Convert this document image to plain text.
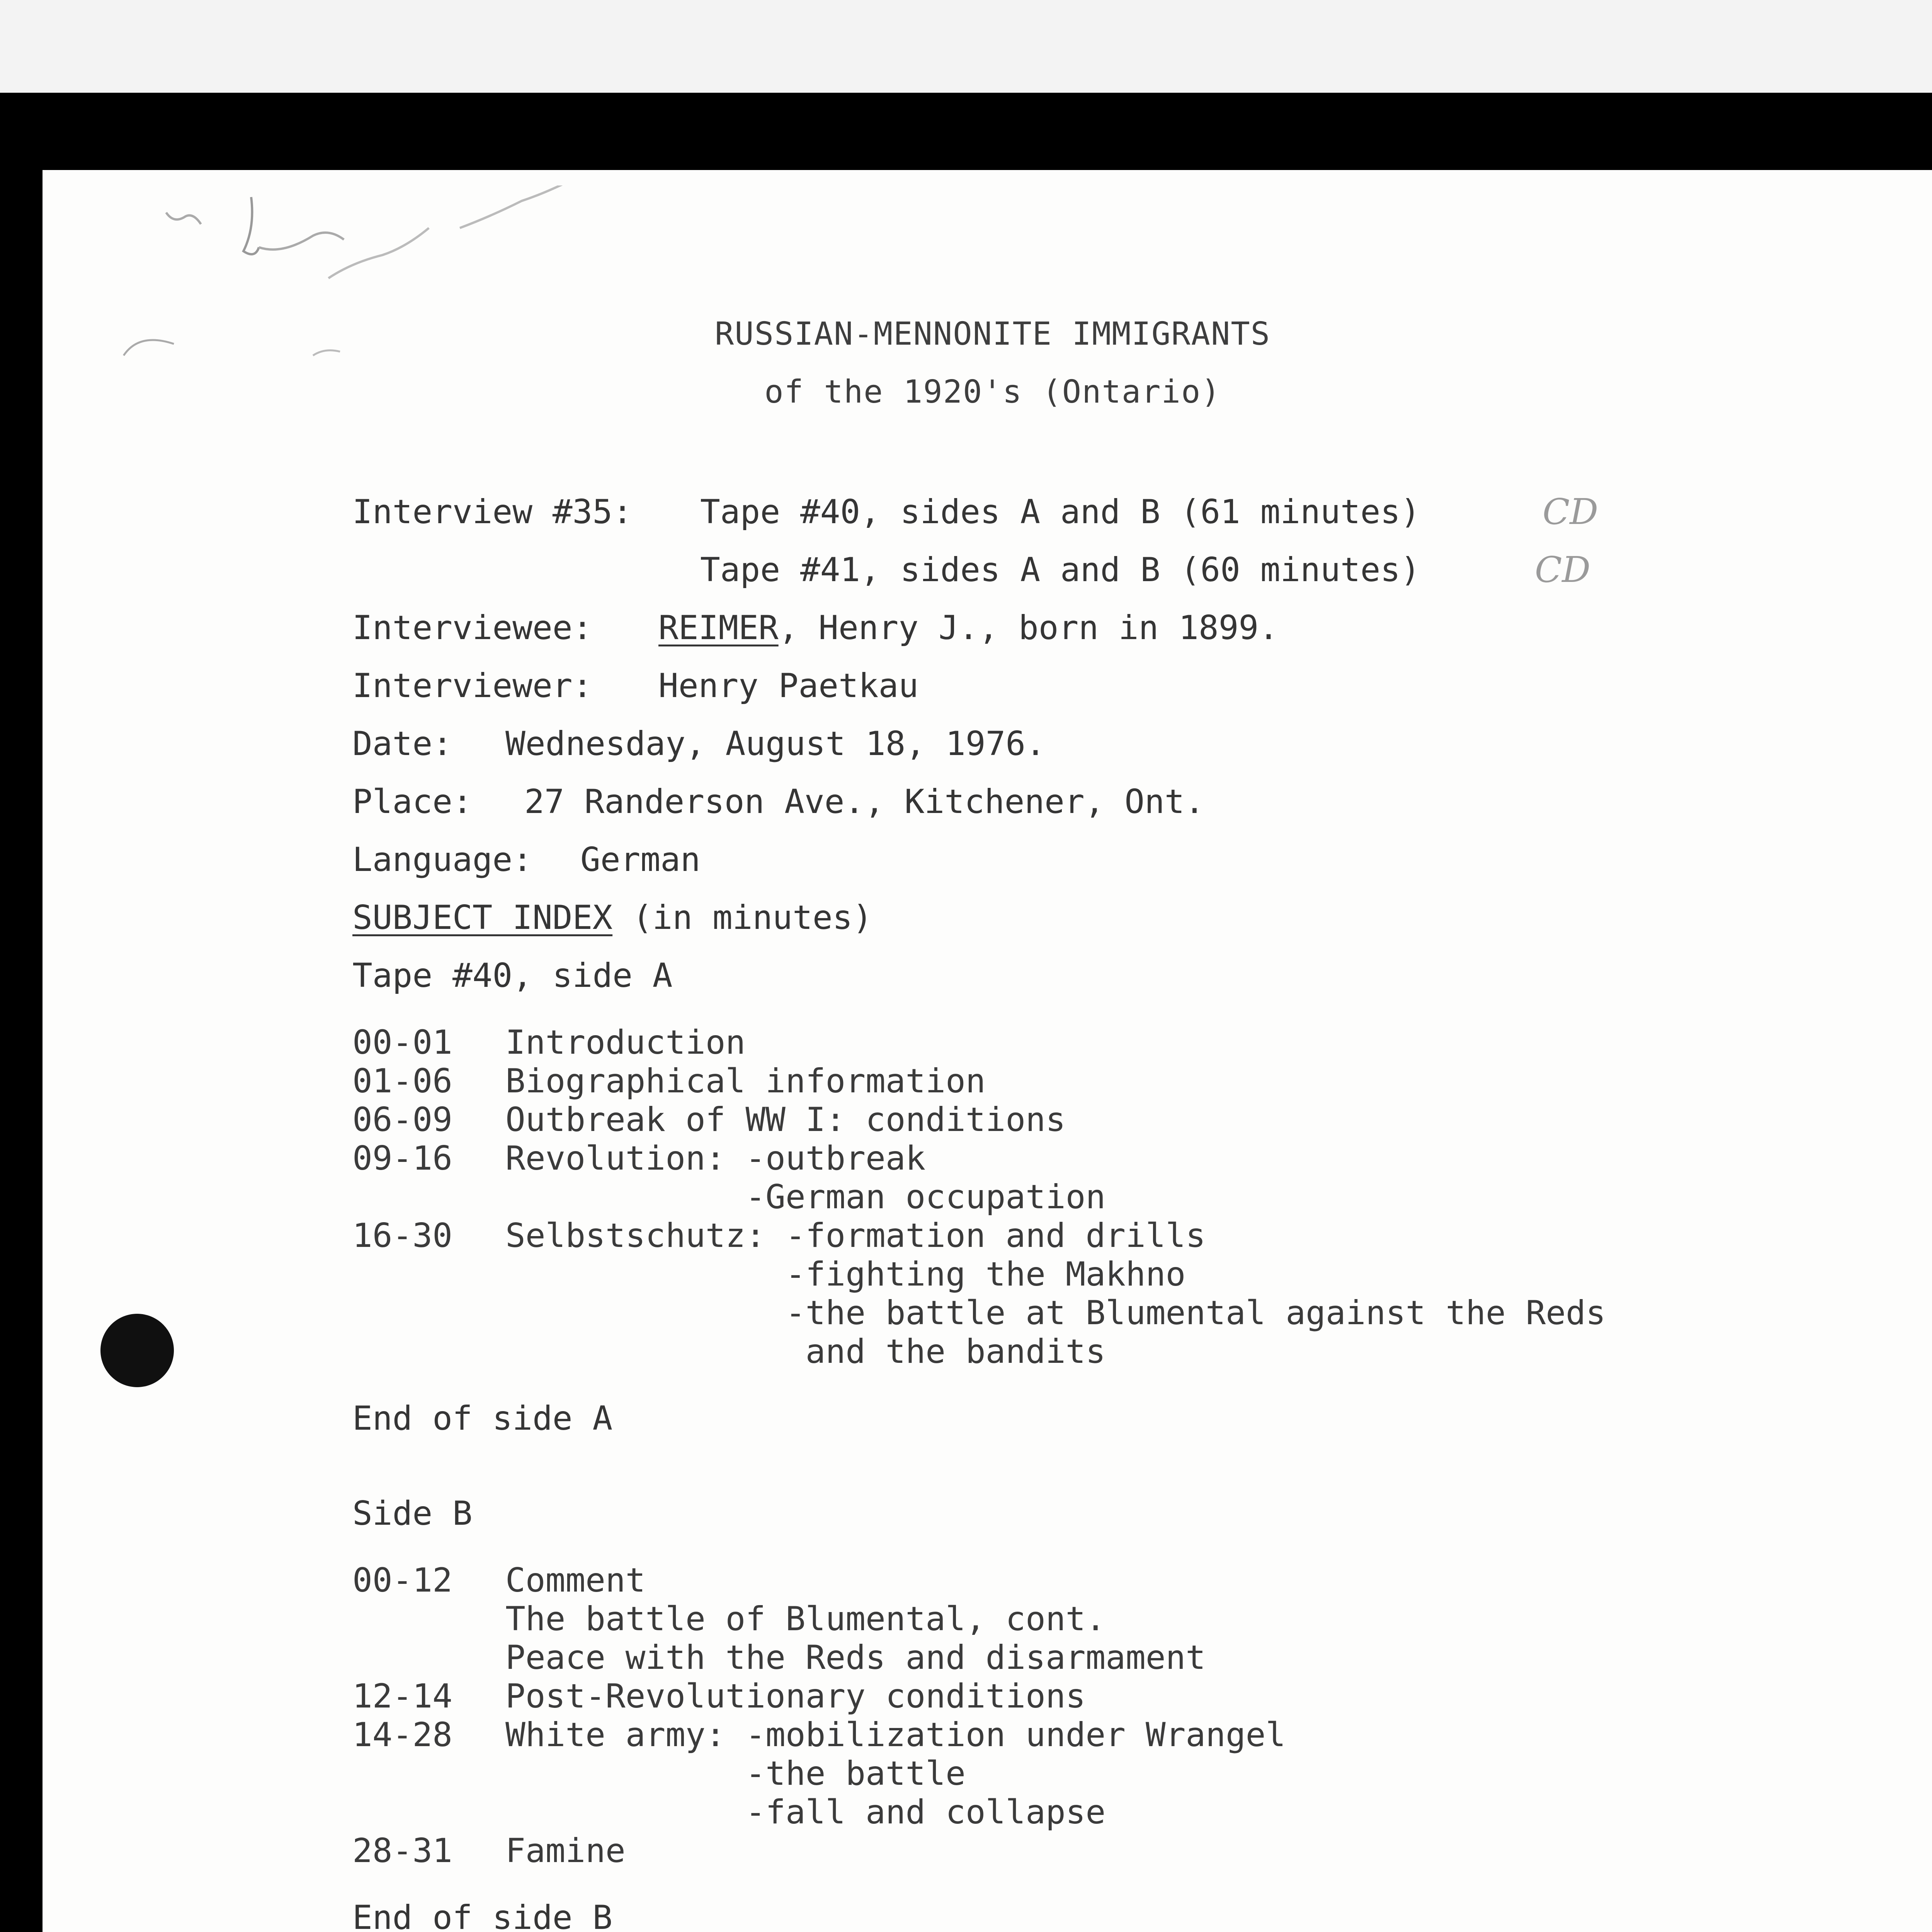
RUSSIAN-MENNONITE IMMIGRANTS
of the 1920's (Ontario)

Interview #35:

Tape #40, sides A and B (61 minutes)

	CD

Tape #41, sides A and B (60 minutes)

	CD

Interviewee:

REIMER, Henry J., born in 1899.

Interviewer:

Henry Paetkau

Date:

Wednesday, August 18, 1976.

Place:

27 Randerson Ave., Kitchener, Ont.

Language:

German

SUBJECT INDEX (in minutes)

Tape #40, side A
00-01 Introduction
01-06 Biographical information
06-09 Outbreak of WW I: conditions
09-16 Revolution: -outbreak
-German occupation
16-30 Selbstschutz: -formation and drills
-fighting the Makhno
-the battle at Blumental against the Reds
and the bandits
End of side A
Side B
00-12 Comment
The battle of Blumental, cont.
Peace with the Reds and disarmament
12-14 Post-Revolutionary conditions
14-28 White army: -mobilization under Wrangel
-the battle
-fall and collapse
28-31 Famine
End of side B
